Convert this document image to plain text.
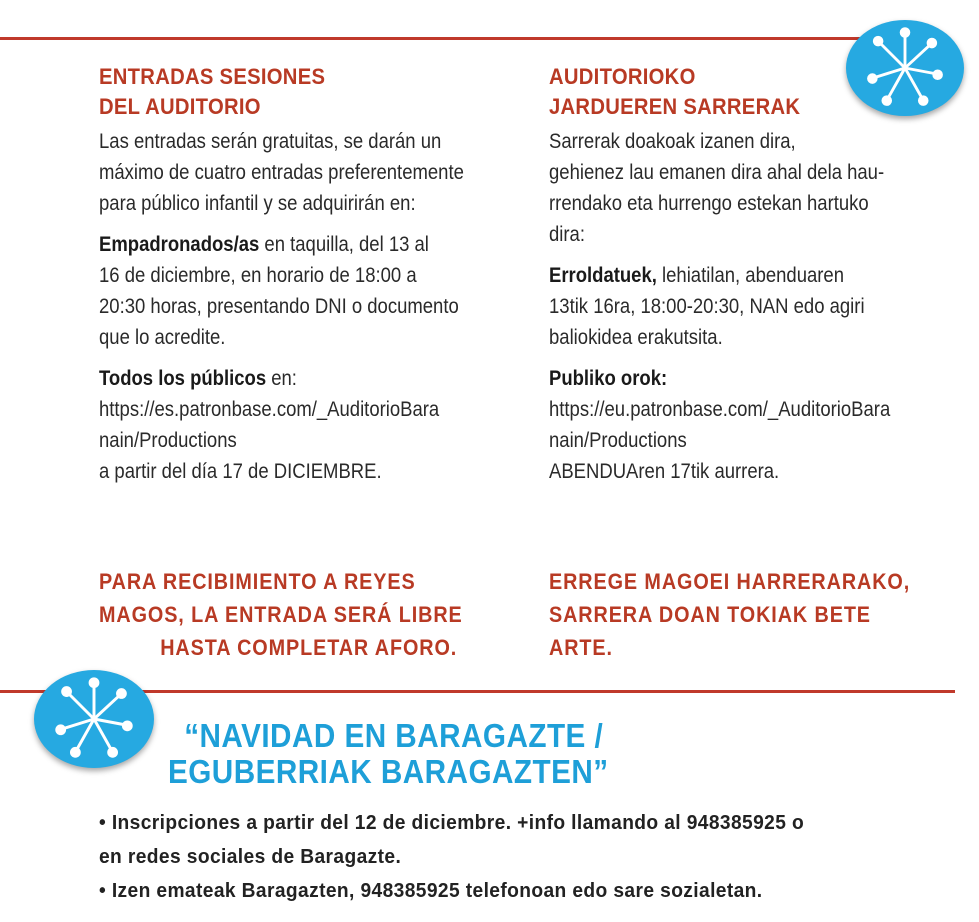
ENTRADAS SESIONES
DEL AUDITORIO
Las entradas serán gratuitas, se darán un
máximo de cuatro entradas preferentemente
para público infantil y se adquirirán en:
Empadronados/as en taquilla, del 13 al
16 de diciembre, en horario de 18:00 a
20:30 horas, presentando DNI o documento
que lo acredite.
Todos los públicos en:
https://es.patronbase.com/_AuditorioBara
nain/Productions
a partir del día 17 de DICIEMBRE.
AUDITORIOKO
JARDUEREN SARRERAK
Sarrerak doakoak izanen dira,
gehienez lau emanen dira ahal dela hau-
rrendako eta hurrengo estekan hartuko
dira:
Erroldatuek, lehiatilan, abenduaren
13tik 16ra, 18:00-20:30, NAN edo agiri
baliokidea erakutsita.
Publiko orok:
https://eu.patronbase.com/_AuditorioBara
nain/Productions
ABENDUAren 17tik aurrera.
PARA RECIBIMIENTO A REYES
MAGOS, LA ENTRADA SERÁ LIBRE
HASTA COMPLETAR AFORO.
ERREGE MAGOEI HARRERARAKO,
SARRERA DOAN TOKIAK BETE
ARTE.
“NAVIDAD EN BARAGAZTE /
EGUBERRIAK BARAGAZTEN”
• Inscripciones a partir del 12 de diciembre. +info llamando al 948385925 o
en redes sociales de Baragazte.
• Izen emateak Baragazten, 948385925 telefonoan edo sare sozialetan.
